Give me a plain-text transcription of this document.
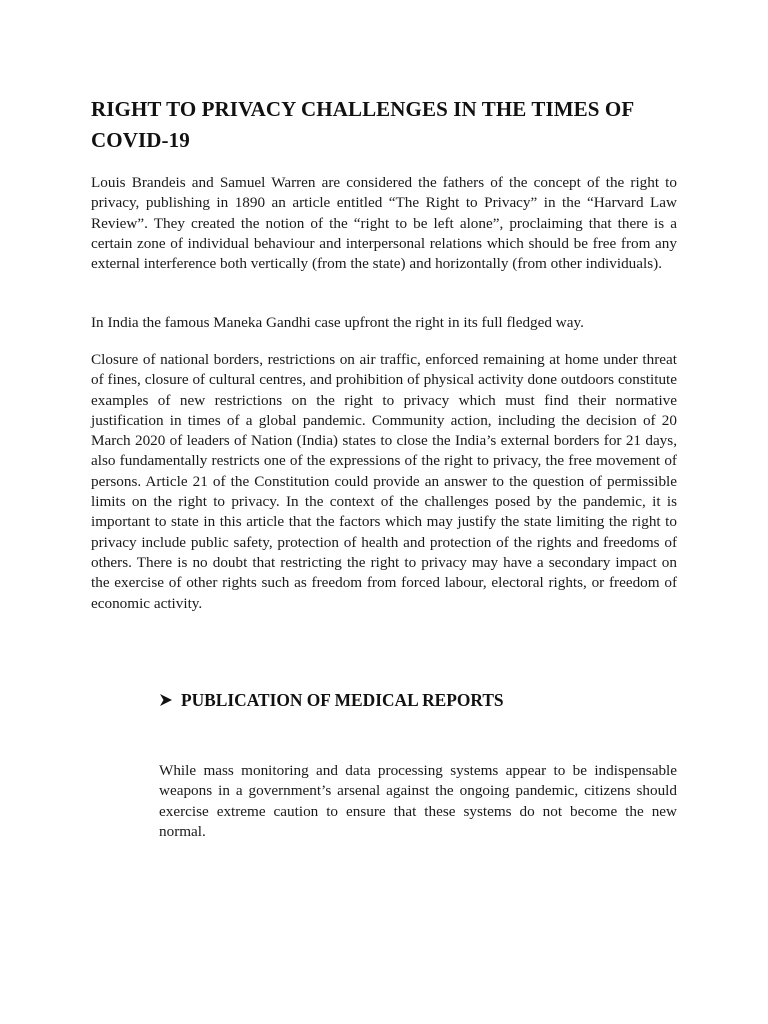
RIGHT TO PRIVACY CHALLENGES IN THE TIMES OF COVID-19

Louis Brandeis and Samuel Warren are considered the fathers of the concept of the right to privacy, publishing in 1890 an article entitled “The Right to Privacy” in the “Harvard Law Review”. They created the notion of the “right to be left alone”, proclaiming that there is a certain zone of individual behaviour and interpersonal relations which should be free from any external interference both vertically (from the state) and horizontally (from other individuals).

In India the famous Maneka Gandhi case upfront the right in its full fledged way.

Closure of national borders, restrictions on air traffic, enforced remaining at home under threat of fines, closure of cultural centres, and prohibition of physical activity done outdoors constitute examples of new restrictions on the right to privacy which must find their normative justification in times of a global pandemic. Community action, including the decision of 20 March 2020 of leaders of Nation (India) states to close the India’s external borders for 21 days, also fundamentally restricts one of the expressions of the right to privacy, the free movement of persons. Article 21 of the Constitution could provide an answer to the question of permissible limits on the right to privacy. In the context of the challenges posed by the pandemic, it is important to state in this article that the factors which may justify the state limiting the right to privacy include public safety, protection of health and protection of the rights and freedoms of others. There is no doubt that restricting the right to privacy may have a secondary impact on the exercise of other rights such as freedom from forced labour, electoral rights, or freedom of economic activity.

PUBLICATION OF MEDICAL REPORTS

While mass monitoring and data processing systems appear to be indispensable weapons in a government’s arsenal against the ongoing pandemic, citizens should exercise extreme caution to ensure that these systems do not become the new normal.
